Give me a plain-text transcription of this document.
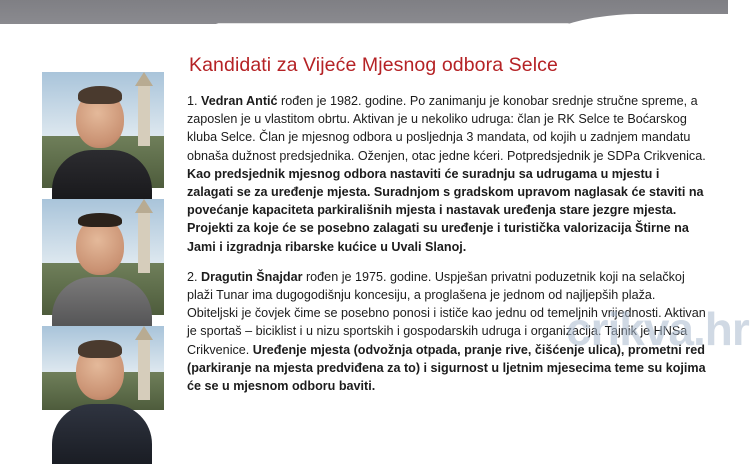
Kandidati za Vijeće Mjesnog odbora Selce

1. Vedran Antić rođen je 1982. godine. Po zanimanju je konobar srednje stručne spreme, a zaposlen je u vlastitom obrtu. Aktivan je u nekoliko udruga: član je RK Selce te Boćarskog kluba Selce. Član je mjesnog odbora u posljednja 3 mandata, od kojih u zadnjem mandatu obnaša dužnost predsjednika. Oženjen, otac jedne kćeri. Potpredsjednik je SDPa Crikvenica. Kao predsjednik mjesnog odbora nastaviti će suradnju sa udrugama u mjestu i zalagati se za uređenje mjesta. Suradnjom s gradskom upravom naglasak će staviti na povećanje kapaciteta parkirališnih mjesta i nastavak uređenja stare jezgre mjesta. Projekti za koje će se posebno zalagati su uređenje i turistička valorizacija Štirne na Jami i izgradnja ribarske kućice u Uvali Slanoj.

2. Dragutin Šnajdar rođen je 1975. godine. Uspješan privatni poduzetnik koji na selačkoj plaži Tunar ima dugogodišnju koncesiju, a proglašena je jednom od najljepših plaža. Obiteljski je čovjek čime se posebno ponosi i ističe kao jednu od temeljnih vrijednosti. Aktivan je sportaš – biciklist i u nizu sportskih i gospodarskih udruga i organizacija. Tajnik je HNSa Crikvenice. Uređenje mjesta (odvožnja otpada, pranje rive, čišćenje ulica), prometni red (parkiranje na mjesta predviđena za to) i sigurnost u ljetnim mjesecima teme su kojima će se u mjesnom odboru baviti.

crikva.hr
